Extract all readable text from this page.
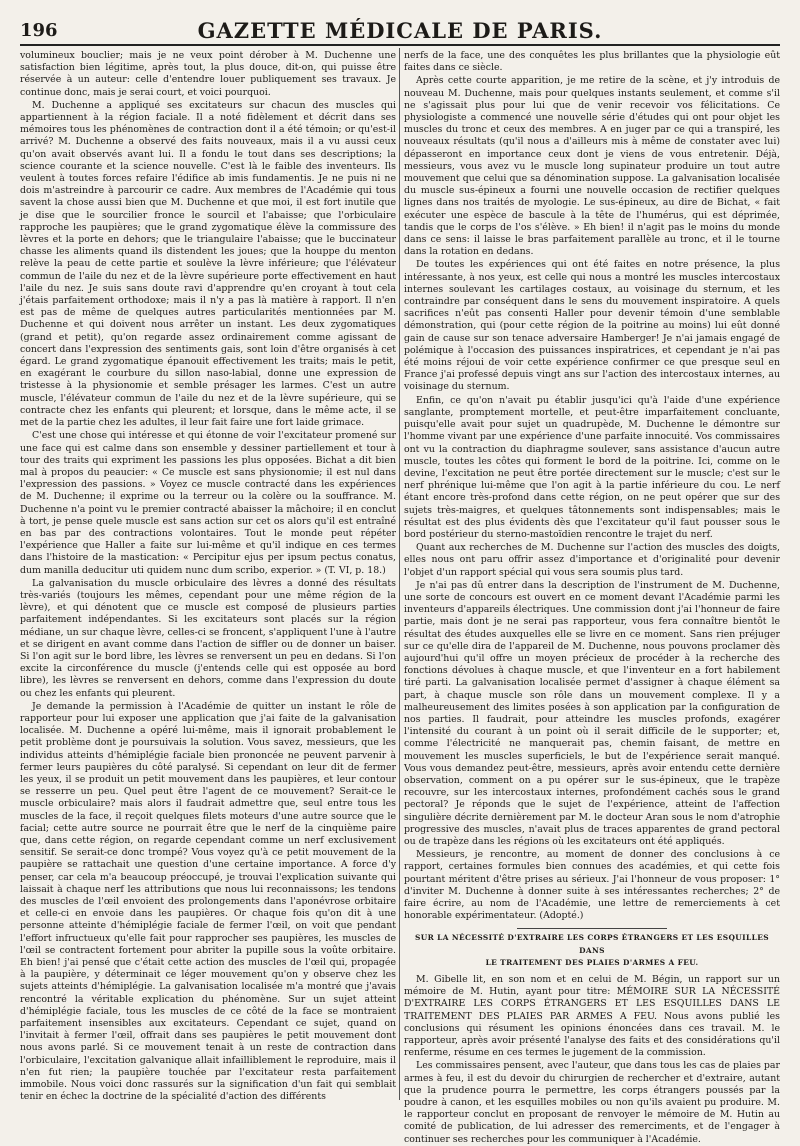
196	GAZETTE MÉDICALE DE PARIS.

volumineux bouclier; mais je ne veux point dérober à M. Duchenne une satisfaction bien légitime, après tout, la plus douce, dit-on, qui puisse être réservée à un auteur: celle d'entendre louer publiquement ses travaux. Je continue donc, mais je serai court, et voici pourquoi.

M. Duchenne a appliqué ses excitateurs sur chacun des muscles qui appartiennent à la région faciale. Il a noté fidèlement et décrit dans ses mémoires tous les phénomènes de contraction dont il a été témoin; or qu'est-il arrivé? M. Duchenne a observé des faits nouveaux, mais il a vu aussi ceux qu'on avait observés avant lui. Il a fondu le tout dans ses descriptions; la science courante et la science nouvelle. C'est là le faible des inventeurs. Ils veulent à toutes forces refaire l'édifice ab imis fundamentis. Je ne puis ni ne dois m'astreindre à parcourir ce cadre. Aux membres de l'Académie qui tous savent la chose aussi bien que M. Duchenne et que moi, il est fort inutile que je dise que le sourcilier fronce le sourcil et l'abaisse; que l'orbiculaire rapproche les paupières; que le grand zygomatique élève la commissure des lèvres et la porte en dehors; que le triangulaire l'abaisse; que le buccinateur chasse les aliments quand ils distendent les joues; que la houppe du menton relève la peau de cette partie et soulève la lèvre inférieure; que l'élévateur commun de l'aile du nez et de la lèvre supérieure porte effectivement en haut l'aile du nez. Je suis sans doute ravi d'apprendre qu'en croyant à tout cela j'étais parfaitement orthodoxe; mais il n'y a pas là matière à rapport. Il n'en est pas de même de quelques autres particularités mentionnées par M. Duchenne et qui doivent nous arrêter un instant. Les deux zygomatiques (grand et petit), qu'on regarde assez ordinairement comme agissant de concert dans l'expression des sentiments gais, sont loin d'être organisés à cet égard. Le grand zygomatique épanouit effectivement les traits; mais le petit, en exagérant le courbure du sillon naso-labial, donne une expression de tristesse à la physionomie et semble présager les larmes. C'est un autre muscle, l'élévateur commun de l'aile du nez et de la lèvre supérieure, qui se contracte chez les enfants qui pleurent; et lorsque, dans le même acte, il se met de la partie chez les adultes, il leur fait faire une fort laide grimace.

C'est une chose qui intéresse et qui étonne de voir l'excitateur promené sur une face qui est calme dans son ensemble y dessiner partiellement et tour à tour des traits qui expriment les passions les plus opposées. Bichat a dit bien mal à propos du peaucier: « Ce muscle est sans physionomie; il est nul dans l'expression des passions. » Voyez ce muscle contracté dans les expériences de M. Duchenne; il exprime ou la terreur ou la colère ou la souffrance. M. Duchenne n'a point vu le premier contracté abaisser la mâchoire; il en conclut à tort, je pense quele muscle est sans action sur cet os alors qu'il est entraîné en bas par des contractions volontaires. Tout le monde peut répéter l'expérience que Haller a faite sur lui-même et qu'il indique en ces termes dans l'histoire de la mastication: « Percipitur ejus per ipsum pectus conatus, dum manilla deducitur uti quidem nunc dum scribo, experior. » (T. VI, p. 18.)

La galvanisation du muscle orbiculaire des lèvres a donné des résultats très-variés (toujours les mêmes, cependant pour une même région de la lèvre), et qui dénotent que ce muscle est composé de plusieurs parties parfaitement indépendantes. Si les excitateurs sont placés sur la région médiane, un sur chaque lèvre, celles-ci se froncent, s'appliquent l'une à l'autre et se dirigent en avant comme dans l'action de siffler ou de donner un baiser. Si l'on agit sur le bord libre, les lèvres se renversent un peu en dedans. Si l'on excite la circonférence du muscle (j'entends celle qui est opposée au bord libre), les lèvres se renversent en dehors, comme dans l'expression du doute ou chez les enfants qui pleurent.

Je demande la permission à l'Académie de quitter un instant le rôle de rapporteur pour lui exposer une application que j'ai faite de la galvanisation localisée. M. Duchenne a opéré lui-même, mais il ignorait probablement le petit problème dont je poursuivais la solution. Vous savez, messieurs, que les individus atteints d'hémiplégie faciale bien prononcée ne peuvent parvenir à fermer leurs paupières du côté paralysé. Si cependant on leur dit de fermer les yeux, il se produit un petit mouvement dans les paupières, et leur contour se resserre un peu. Quel peut être l'agent de ce mouvement? Serait-ce le muscle orbiculaire? mais alors il faudrait admettre que, seul entre tous les muscles de la face, il reçoit quelques filets moteurs d'une autre source que le facial; cette autre source ne pourrait être que le nerf de la cinquième paire que, dans cette région, on regarde cependant comme un nerf exclusivement sensitif. Se serait-ce donc trompé? Vous voyez qu'à ce petit mouvement de la paupière se rattachait une question d'une certaine importance. A force d'y penser, car cela m'a beaucoup préoccupé, je trouvai l'explication suivante qui laissait à chaque nerf les attributions que nous lui reconnaissons; les tendons des muscles de l'œil envoient des prolongements dans l'aponévrose orbitaire et celle-ci en envoie dans les paupières. Or chaque fois qu'on dit à une personne atteinte d'hémiplégie faciale de fermer l'œil, on voit que pendant l'effort infructueux qu'elle fait pour rapprocher ses paupières, les muscles de l'œil se contractent fortement pour abriter la pupille sous la voûte orbitaire. Eh bien! j'ai pensé que c'était cette action des muscles de l'œil qui, propagée à la paupière, y déterminait ce léger mouvement qu'on y observe chez les sujets atteints d'hémiplégie. La galvanisation localisée m'a montré que j'avais rencontré la véritable explication du phénomène. Sur un sujet atteint d'hémiplégie faciale, tous les muscles de ce côté de la face se montraient parfaitement insensibles aux excitateurs. Cependant ce sujet, quand on l'invitait à fermer l'œil, offrait dans ses paupières le petit mouvement dont nous avons parlé. Si ce mouvement tenait à un reste de contraction dans l'orbiculaire, l'excitation galvanique allait infailliblement le reproduire, mais il n'en fut rien; la paupière touchée par l'excitateur resta parfaitement immobile. Nous voici donc rassurés sur la signification d'un fait qui semblait tenir en échec la doctrine de la spécialité d'action des différents

nerfs de la face, une des conquêtes les plus brillantes que la physiologie eût faites dans ce siècle.

Après cette courte apparition, je me retire de la scène, et j'y introduis de nouveau M. Duchenne, mais pour quelques instants seulement, et comme s'il ne s'agissait plus pour lui que de venir recevoir vos félicitations. Ce physiologiste a commencé une nouvelle série d'études qui ont pour objet les muscles du tronc et ceux des membres. A en juger par ce qui a transpiré, les nouveaux résultats (qu'il nous a d'ailleurs mis à même de constater avec lui) dépasseront en importance ceux dont je viens de vous entretenir. Déjà, messieurs, vous avez vu le muscle long supinateur produire un tout autre mouvement que celui que sa dénomination suppose. La galvanisation localisée du muscle sus-épineux a fourni une nouvelle occasion de rectifier quelques lignes dans nos traités de myologie. Le sus-épineux, au dire de Bichat, « fait exécuter une espèce de bascule à la tête de l'humérus, qui est déprimée, tandis que le corps de l'os s'élève. » Eh bien! il n'agit pas le moins du monde dans ce sens: il laisse le bras parfaitement parallèle au tronc, et il le tourne dans la rotation en dedans.

De toutes les expériences qui ont été faites en notre présence, la plus intéressante, à nos yeux, est celle qui nous a montré les muscles intercostaux internes soulevant les cartilages costaux, au voisinage du sternum, et les contraindre par conséquent dans le sens du mouvement inspiratoire. A quels sacrifices n'eût pas consenti Haller pour devenir témoin d'une semblable démonstration, qui (pour cette région de la poitrine au moins) lui eût donné gain de cause sur son tenace adversaire Hamberger! Je n'ai jamais engagé de polémique à l'occasion des puissances inspiratrices, et cependant je n'ai pas été moins réjoui de voir cette expérience confirmer ce que presque seul en France j'ai professé depuis vingt ans sur l'action des intercostaux internes, au voisinage du sternum.

Enfin, ce qu'on n'avait pu établir jusqu'ici qu'à l'aide d'une expérience sanglante, promptement mortelle, et peut-être imparfaitement concluante, puisqu'elle avait pour sujet un quadrupède, M. Duchenne le démontre sur l'homme vivant par une expérience d'une parfaite innocuité. Vos commissaires ont vu la contraction du diaphragme soulever, sans assistance d'aucun autre muscle, toutes les côtes qui forment le bord de la poitrine. Ici, comme on le devine, l'excitation ne peut être portée directement sur le muscle; c'est sur le nerf phrénique lui-même que l'on agit à la partie inférieure du cou. Le nerf étant encore très-profond dans cette région, on ne peut opérer que sur des sujets très-maigres, et quelques tâtonnements sont indispensables; mais le résultat est des plus évidents dès que l'excitateur qu'il faut pousser sous le bord postérieur du sterno-mastoïdien rencontre le trajet du nerf.

Quant aux recherches de M. Duchenne sur l'action des muscles des doigts, elles nous ont paru offrir assez d'importance et d'originalité pour devenir l'objet d'un rapport spécial qui vous sera soumis plus tard.

Je n'ai pas dû entrer dans la description de l'instrument de M. Duchenne, une sorte de concours est ouvert en ce moment devant l'Académie parmi les inventeurs d'appareils électriques. Une commission dont j'ai l'honneur de faire partie, mais dont je ne serai pas rapporteur, vous fera connaître bientôt le résultat des études auxquelles elle se livre en ce moment. Sans rien préjuger sur ce qu'elle dira de l'appareil de M. Duchenne, nous pouvons proclamer dès aujourd'hui qu'il offre un moyen précieux de procéder à la recherche des fonctions dévolues à chaque muscle, et que l'inventeur en a fort habilement tiré parti. La galvanisation localisée permet d'assigner à chaque élément sa part, à chaque muscle son rôle dans un mouvement complexe. Il y a malheureusement des limites posées à son application par la configuration de nos parties. Il faudrait, pour atteindre les muscles profonds, exagérer l'intensité du courant à un point où il serait difficile de le supporter; et, comme l'électricité ne manquerait pas, chemin faisant, de mettre en mouvement les muscles superficiels, le but de l'expérience serait manqué. Vous vous demandez peut-être, messieurs, après avoir entendu cette dernière observation, comment on a pu opérer sur le sus-épineux, que le trapèze recouvre, sur les intercostaux internes, profondément cachés sous le grand pectoral? Je réponds que le sujet de l'expérience, atteint de l'affection singulière décrite dernièrement par M. le docteur Aran sous le nom d'atrophie progressive des muscles, n'avait plus de traces apparentes de grand pectoral ou de trapèze dans les régions où les excitateurs ont été appliqués.

Messieurs, je rencontre, au moment de donner des conclusions à ce rapport, certaines formules bien connues des académies, et qui cette fois pourtant méritent d'être prises au sérieux. J'ai l'honneur de vous proposer: 1° d'inviter M. Duchenne à donner suite à ses intéressantes recherches; 2° de faire écrire, au nom de l'Académie, une lettre de remerciements à cet honorable expérimentateur. (Adopté.)

SUR LA NÉCESSITÉ D'EXTRAIRE LES CORPS ÉTRANGERS ET LES ESQUILLES DANS
LE TRAITEMENT DES PLAIES D'ARMES A FEU.

M. Gibelle lit, en son nom et en celui de M. Bégin, un rapport sur un mémoire de M. Hutin, ayant pour titre: MÉMOIRE SUR LA NÉCESSITÉ D'EXTRAIRE LES CORPS ÉTRANGERS ET LES ESQUILLES DANS LE TRAITEMENT DES PLAIES PAR ARMES A FEU. Nous avons publié les conclusions qui résument les opinions énoncées dans ces travail. M. le rapporteur, après avoir présenté l'analyse des faits et des considérations qu'il renferme, résume en ces termes le jugement de la commission.

Les commissaires pensent, avec l'auteur, que dans tous les cas de plaies par armes à feu, il est du devoir du chirurgien de rechercher et d'extraire, autant que la prudence pourra le permettre, les corps étrangers poussés par la poudre à canon, et les esquilles mobiles ou non qu'ils avaient pu produire. M. le rapporteur conclut en proposant de renvoyer le mémoire de M. Hutin au comité de publication, de lui adresser des remerciments, et de l'engager à continuer ses recherches pour les communiquer à l'Académie.
